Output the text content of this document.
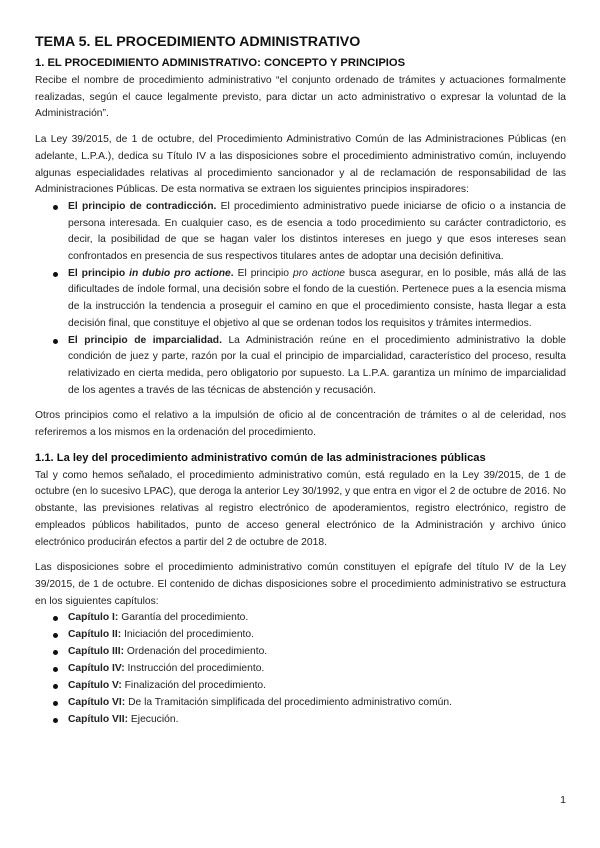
TEMA 5. EL PROCEDIMIENTO ADMINISTRATIVO
1. EL PROCEDIMIENTO ADMINISTRATIVO: CONCEPTO Y PRINCIPIOS

Recibe el nombre de procedimiento administrativo “el conjunto ordenado de trámites y actuaciones formalmente realizadas, según el cauce legalmente previsto, para dictar un acto administrativo o expresar la voluntad de la Administración”.

La Ley 39/2015, de 1 de octubre, del Procedimiento Administrativo Común de las Administraciones Públicas (en adelante, L.P.A.), dedica su Título IV a las disposiciones sobre el procedimiento administrativo común, incluyendo algunas especialidades relativas al procedimiento sancionador y al de reclamación de responsabilidad de las Administraciones Públicas. De esta normativa se extraen los siguientes principios inspiradores:

El principio de contradicción. El procedimiento administrativo puede iniciarse de oficio o a instancia de persona interesada. En cualquier caso, es de esencia a todo procedimiento su carácter contradictorio, es decir, la posibilidad de que se hagan valer los distintos intereses en juego y que esos intereses sean confrontados en presencia de sus respectivos titulares antes de adoptar una decisión definitiva.
El principio in dubio pro actione. El principio pro actione busca asegurar, en lo posible, más allá de las dificultades de índole formal, una decisión sobre el fondo de la cuestión. Pertenece pues a la esencia misma de la instrucción la tendencia a proseguir el camino en que el procedimiento consiste, hasta llegar a esta decisión final, que constituye el objetivo al que se ordenan todos los requisitos y trámites intermedios.
El principio de imparcialidad. La Administración reúne en el procedimiento administrativo la doble condición de juez y parte, razón por la cual el principio de imparcialidad, característico del proceso, resulta relativizado en cierta medida, pero obligatorio por supuesto. La L.P.A. garantiza un mínimo de imparcialidad de los agentes a través de las técnicas de abstención y recusación.

Otros principios como el relativo a la impulsión de oficio al de concentración de trámites o al de celeridad, nos referiremos a los mismos en la ordenación del procedimiento.

1.1. La ley del procedimiento administrativo común de las administraciones públicas

Tal y como hemos señalado, el procedimiento administrativo común, está regulado en la Ley 39/2015, de 1 de octubre (en lo sucesivo LPAC), que deroga la anterior Ley 30/1992, y que entra en vigor el 2 de octubre de 2016. No obstante, las previsiones relativas al registro electrónico de apoderamientos, registro electrónico, registro de empleados públicos habilitados, punto de acceso general electrónico de la Administración y archivo único electrónico producirán efectos a partir del 2 de octubre de 2018.

Las disposiciones sobre el procedimiento administrativo común constituyen el epígrafe del título IV de la Ley 39/2015, de 1 de octubre. El contenido de dichas disposiciones sobre el procedimiento administrativo se estructura en los siguientes capítulos:

Capítulo I: Garantía del procedimiento.
Capítulo II: Iniciación del procedimiento.
Capítulo III: Ordenación del procedimiento.
Capítulo IV: Instrucción del procedimiento.
Capítulo V: Finalización del procedimiento.
Capítulo VI: De la Tramitación simplificada del procedimiento administrativo común.
Capítulo VII: Ejecución.
1
